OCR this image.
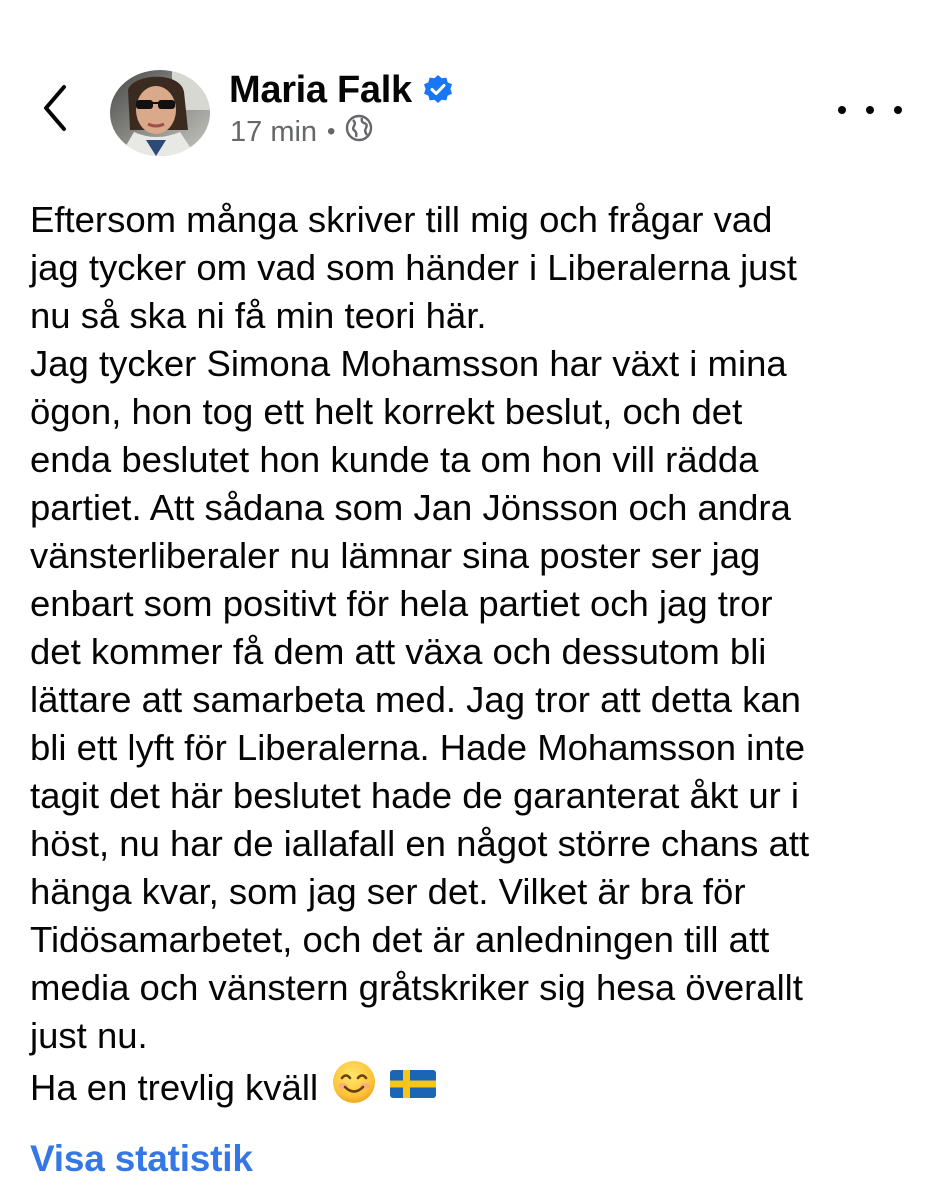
Maria Falk
17 min •
Eftersom många skriver till mig och frågar vad
jag tycker om vad som händer i Liberalerna just
nu så ska ni få min teori här.
Jag tycker Simona Mohamsson har växt i mina
ögon, hon tog ett helt korrekt beslut, och det
enda beslutet hon kunde ta om hon vill rädda
partiet. Att sådana som Jan Jönsson och andra
vänsterliberaler nu lämnar sina poster ser jag
enbart som positivt för hela partiet och jag tror
det kommer få dem att växa och dessutom bli
lättare att samarbeta med. Jag tror att detta kan
bli ett lyft för Liberalerna. Hade Mohamsson inte
tagit det här beslutet hade de garanterat åkt ur i
höst, nu har de iallafall en något större chans att
hänga kvar, som jag ser det. Vilket är bra för
Tidösamarbetet, och det är anledningen till att
media och vänstern gråtskriker sig hesa överallt
just nu.
Ha en trevlig kväll
Visa statistik
